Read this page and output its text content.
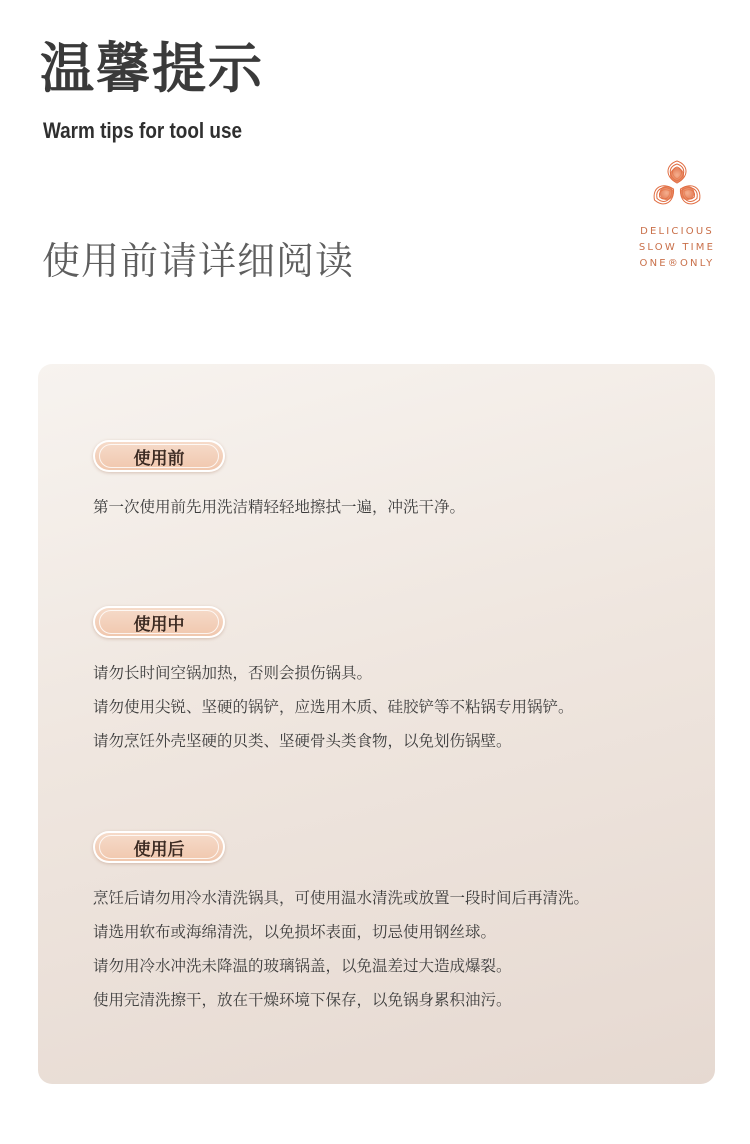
温馨提示
Warm tips for tool use
使用前请详细阅读
DELICIOUS
SLOW TIME
ONE®ONLY
使用前
第一次使用前先用洗洁精轻轻地擦拭一遍，冲洗干净。
使用中
请勿长时间空锅加热，否则会损伤锅具。
请勿使用尖锐、坚硬的锅铲，应选用木质、硅胶铲等不粘锅专用锅铲。
请勿烹饪外壳坚硬的贝类、坚硬骨头类食物，以免划伤锅壁。
使用后
烹饪后请勿用冷水清洗锅具，可使用温水清洗或放置一段时间后再清洗。
请选用软布或海绵清洗，以免损坏表面，切忌使用钢丝球。
请勿用冷水冲洗未降温的玻璃锅盖，以免温差过大造成爆裂。
使用完清洗擦干，放在干燥环境下保存，以免锅身累积油污。
